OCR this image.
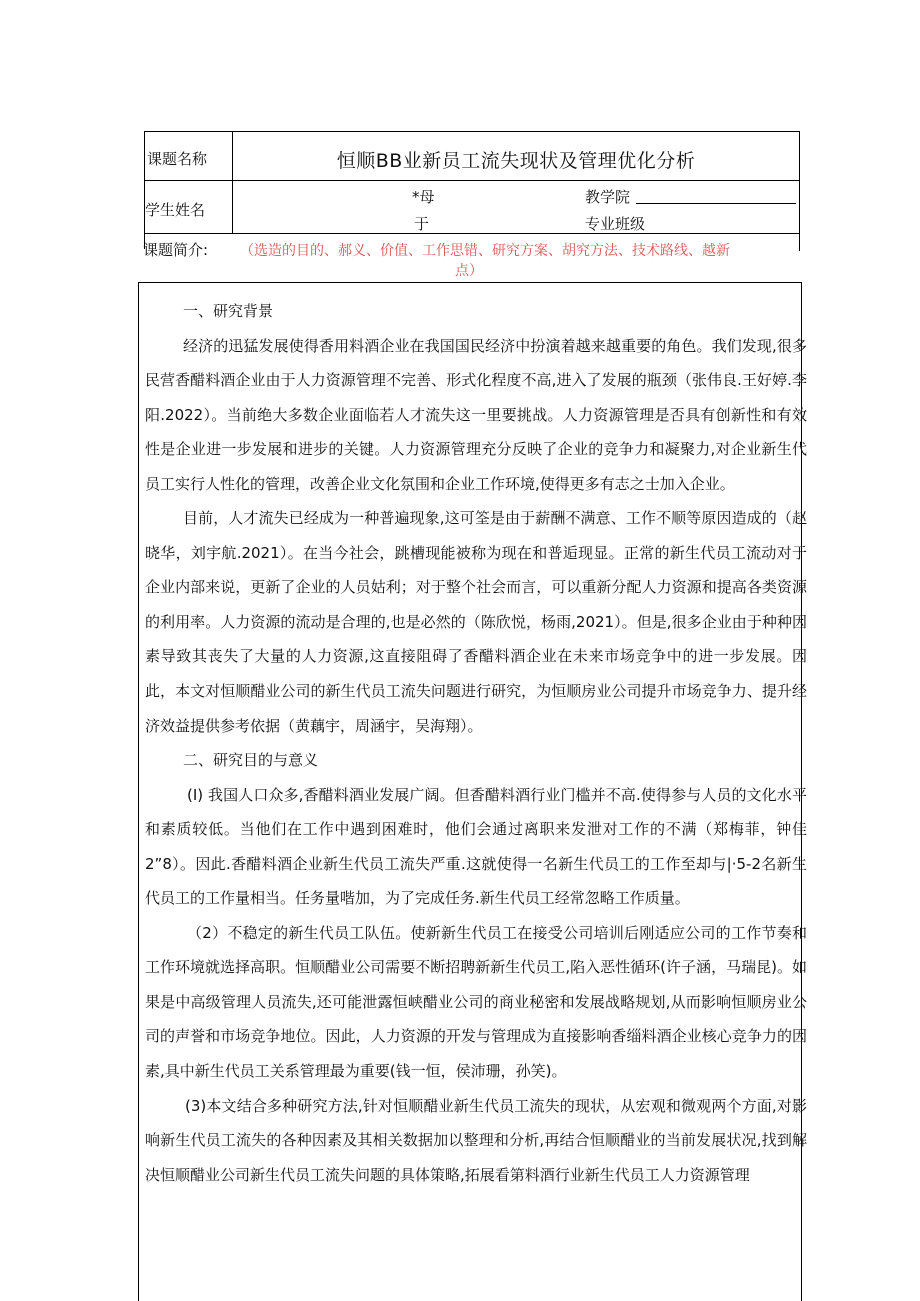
课题名称	恒顺BB业新员工流失现状及管理优化分析
学生姓名
*母
于
教学院
专业班级
课题简介: （选造的目的、郝义、价值、工作思错、研究方案、胡究方法、技术路线、越新
点）

一、研究背景

经济的迅猛发展使得香用料酒企业在我国国民经济中扮演着越来越重要的角色。我们发现,很多民营香醋料酒企业由于人力资源管理不完善、形式化程度不高,进入了发展的瓶颈（张伟良.王好婷.李阳.2022）。当前绝大多数企业面临若人才流失这一里要挑战。人力资源管理是否具有创新性和有效性是企业进一步发展和进步的关键。人力资源管理充分反映了企业的竞争力和凝聚力,对企业新生代员工实行人性化的管理，改善企业文化氛围和企业工作环境,使得更多有志之士加入企业。

目前，人才流失已经成为一种普遍现象,这可筌是由于薪酬不满意、工作不顺等原因造成的（赵晓华，刘宇航.2021）。在当今社会，跳槽现能被称为现在和普逅现显。正常的新生代员工流动对于企业内部来说，更新了企业的人员姑利；对于整个社会而言，可以重新分配人力资源和提高各类资源的利用率。人力资源的流动是合理的,也是必然的（陈欣悦，杨雨,2021）。但是,很多企业由于种种因素导致其丧失了大量的人力资源,这直接阻碍了香醋料酒企业在未来市场竞争中的进一步发展。因此，本文对恒顺醋业公司的新生代员工流失问题进行研究，为恒顺房业公司提升市场竞争力、提升经济效益提供参考依据（黄藕宇，周涵宇，吴海翔）。

二、研究目的与意义

(I) 我国人口众多,香醋料酒业发展广阔。但香醋料酒行业门槛并不高.使得参与人员的文化水平和素质较低。当他们在工作中遇到困难时，他们会通过离职来发泄对工作的不满（郑梅菲，钟佳2”8）。因此.香醋料酒企业新生代员工流失严重.这就使得一名新生代员工的工作至却与|·5-2名新生代员工的工作量相当。任务量喈加，为了完成任务.新生代员工经常忽略工作质量。

（2）不稳定的新生代员工队伍。使新新生代员工在接受公司培训后刚适应公司的工作节奏和工作环境就选择高职。恒顺醋业公司需要不断招聘新新生代员工,陷入恶性循环(许子涵，马瑞昆)。如果是中高级管理人员流失,还可能泄露恒峡醋业公司的商业秘密和发展战略规划,从而影响恒顺房业公司的声誉和市场竞争地位。因此，人力资源的开发与管理成为直接影响香缁料酒企业核心竞争力的因素,具中新生代员工关系管理最为重要(钱一恒，侯沛珊，孙笑)。

(3)本文结合多种研究方法,针对恒顺醋业新生代员工流失的现状，从宏观和微观两个方面,对影响新生代员工流失的各种因素及其相关数据加以整理和分析,再结合恒顺醋业的当前发展状况,找到解决恒顺醋业公司新生代员工流失问题的具体策略,拓展看第料酒行业新生代员工人力资源管理
